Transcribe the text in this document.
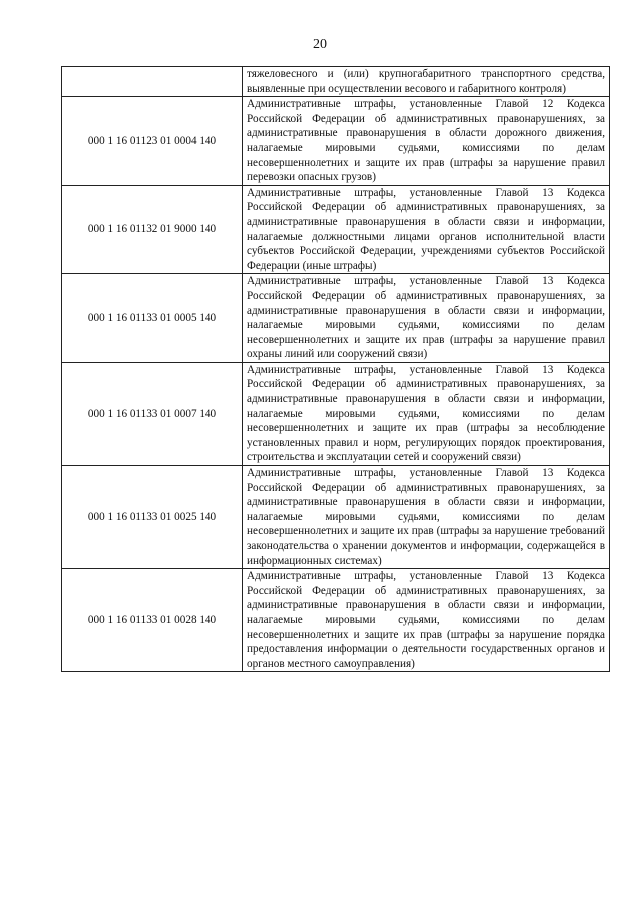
20
	тяжеловесного и (или) крупногабаритного транспортного средства, выявленные при осуществлении весового и габаритного контроля)
000 1 16 01123 01 0004 140	Административные штрафы, установленные Главой 12 Кодекса Российской Федерации об административных правонарушениях, за административные правонарушения в области дорожного движения, налагаемые мировыми судьями, комиссиями по делам несовершеннолетних и защите их прав (штрафы за нарушение правил перевозки опасных грузов)
000 1 16 01132 01 9000 140	Административные штрафы, установленные Главой 13 Кодекса Российской Федерации об административных правонарушениях, за административные правонарушения в области связи и информации, налагаемые должностными лицами органов исполнительной власти субъектов Российской Федерации, учреждениями субъектов Российской Федерации (иные штрафы)
000 1 16 01133 01 0005 140	Административные штрафы, установленные Главой 13 Кодекса Российской Федерации об административных правонарушениях, за административные правонарушения в области связи и информации, налагаемые мировыми судьями, комиссиями по делам несовершеннолетних и защите их прав (штрафы за нарушение правил охраны линий или сооружений связи)
000 1 16 01133 01 0007 140	Административные штрафы, установленные Главой 13 Кодекса Российской Федерации об административных правонарушениях, за административные правонарушения в области связи и информации, налагаемые мировыми судьями, комиссиями по делам несовершеннолетних и защите их прав (штрафы за несоблюдение установленных правил и норм, регулирующих порядок проектирования, строительства и эксплуатации сетей и сооружений связи)
000 1 16 01133 01 0025 140	Административные штрафы, установленные Главой 13 Кодекса Российской Федерации об административных правонарушениях, за административные правонарушения в области связи и информации, налагаемые мировыми судьями, комиссиями по делам несовершеннолетних и защите их прав (штрафы за нарушение требований законодательства о хранении документов и информации, содержащейся в информационных системах)
000 1 16 01133 01 0028 140	Административные штрафы, установленные Главой 13 Кодекса Российской Федерации об административных правонарушениях, за административные правонарушения в области связи и информации, налагаемые мировыми судьями, комиссиями по делам несовершеннолетних и защите их прав (штрафы за нарушение порядка предоставления информации о деятельности государственных органов и органов местного самоуправления)
